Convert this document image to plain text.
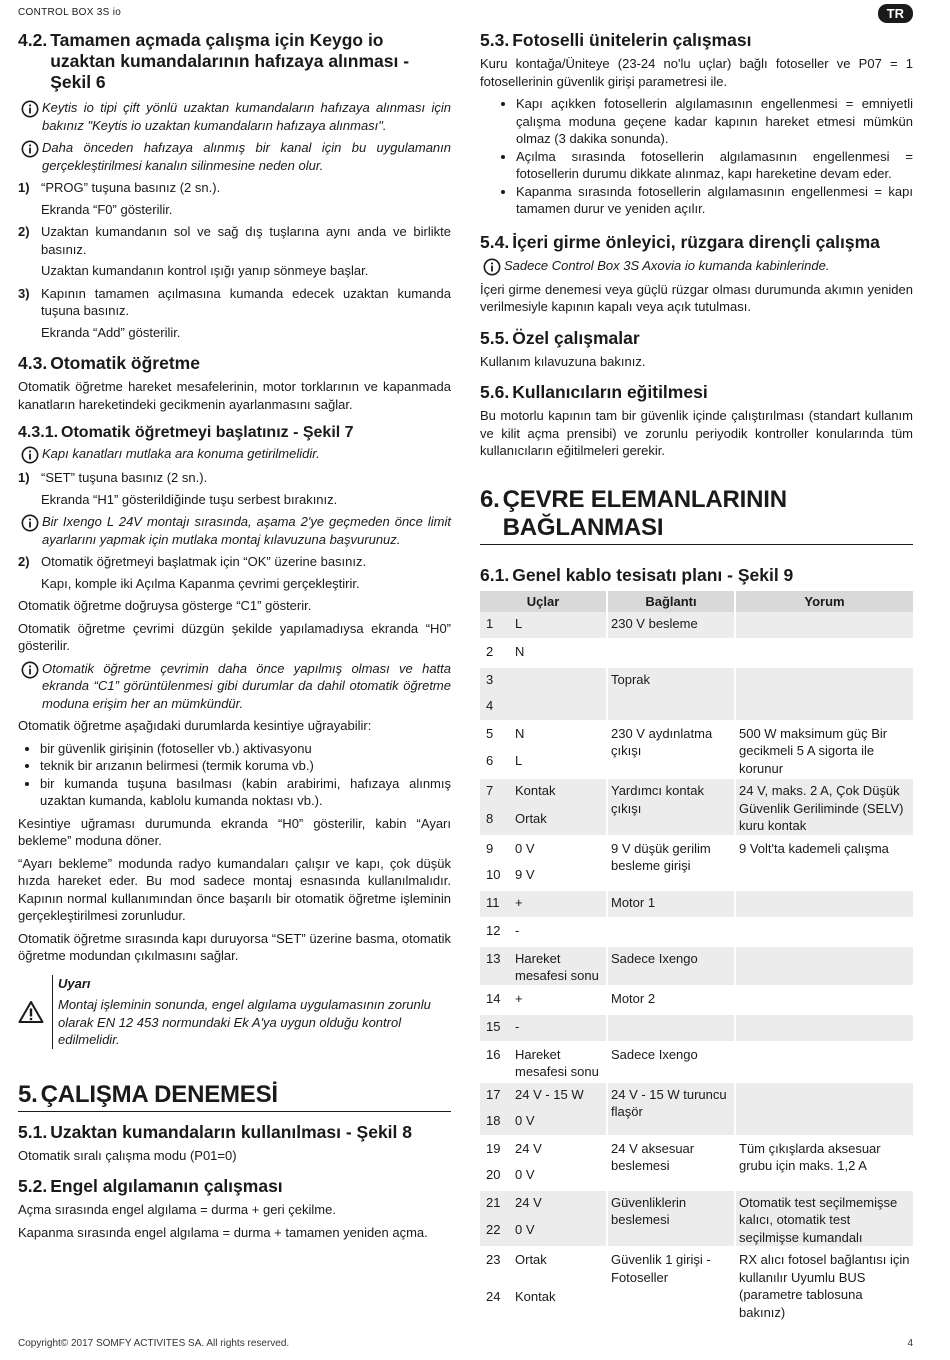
CONTROL BOX 3S io	TR
4.2. Tamamen açmada çalışma için Keygo io uzaktan kumandalarının hafızaya alınması - Şekil 6

Keytis io tipi çift yönlü uzaktan kumandaların hafızaya alınması için bakınız "Keytis io uzaktan kumandaların hafızaya alınması".

Daha önceden hafızaya alınmış bir kanal için bu uygulamanın gerçekleştirilmesi kanalın silinmesine neden olur.

1) “PROG” tuşuna basınız (2 sn.).

Ekranda “F0” gösterilir.

2) Uzaktan kumandanın sol ve sağ dış tuşlarına aynı anda ve birlikte basınız.

Uzaktan kumandanın kontrol ışığı yanıp sönmeye başlar.

3) Kapının tamamen açılmasına kumanda edecek uzaktan kumanda tuşuna basınız.

Ekranda “Add” gösterilir.

4.3. Otomatik öğretme

Otomatik öğretme hareket mesafelerinin, motor torklarının ve kapanmada kanatların hareketindeki gecikmenin ayarlanmasını sağlar.

4.3.1. Otomatik öğretmeyi başlatınız - Şekil 7

Kapı kanatları mutlaka ara konuma getirilmelidir.

1) “SET” tuşuna basınız (2 sn.).

Ekranda “H1” gösterildiğinde tuşu serbest bırakınız.

Bir Ixengo L 24V montajı sırasında, aşama 2'ye geçmeden önce limit ayarlarını yapmak için mutlaka montaj kılavuzuna başvurunuz.

2) Otomatik öğretmeyi başlatmak için “OK” üzerine basınız.

Kapı, komple iki Açılma Kapanma çevrimi gerçekleştirir.

Otomatik öğretme doğruysa gösterge “C1” gösterir.

Otomatik öğretme çevrimi düzgün şekilde yapılamadıysa ekranda “H0” gösterilir.

Otomatik öğretme çevrimin daha önce yapılmış olması ve hatta ekranda “C1” görüntülenmesi gibi durumlar da dahil otomatik öğretme moduna erişim her an mümkündür.

Otomatik öğretme aşağıdaki durumlarda kesintiye uğrayabilir:

• bir güvenlik girişinin (fotoseller vb.) aktivasyonu
• teknik bir arızanın belirmesi (termik koruma vb.)
• bir kumanda tuşuna basılması (kabin arabirimi, hafızaya alınmış uzaktan kumanda, kablolu kumanda noktası vb.).

Kesintiye uğraması durumunda ekranda “H0” gösterilir, kabin “Ayarı bekleme” moduna döner.

“Ayarı bekleme” modunda radyo kumandaları çalışır ve kapı, çok düşük hızda hareket eder. Bu mod sadece montaj esnasında kullanılmalıdır. Kapının normal kullanımından önce başarılı bir otomatik öğretme işleminin gerçekleştirilmesi zorunludur.

Otomatik öğretme sırasında kapı duruyorsa “SET” üzerine basma, otomatik öğretme modundan çıkılmasını sağlar.

Uyarı

Montaj işleminin sonunda, engel algılama uygulamasının zorunlu olarak EN 12 453 normundaki Ek A'ya uygun olduğu kontrol edilmelidir.

5. ÇALIŞMA DENEMESİ
5.1. Uzaktan kumandaların kullanılması - Şekil 8

Otomatik sıralı çalışma modu (P01=0)

5.2. Engel algılamanın çalışması

Açma sırasında engel algılama = durma + geri çekilme.

Kapanma sırasında engel algılama = durma + tamamen yeniden açma.

5.3. Fotoselli ünitelerin çalışması

Kuru kontağa/Üniteye (23-24 no'lu uçlar) bağlı fotoseller ve P07 = 1 fotosellerinin güvenlik girişi parametresi ile.

• Kapı açıkken fotosellerin algılamasının engellenmesi = emniyetli çalışma moduna geçene kadar kapının hareket etmesi mümkün olmaz (3 dakika sonunda).
• Açılma sırasında fotosellerin algılamasının engellenmesi = fotosellerin durumu dikkate alınmaz, kapı hareketine devam eder.
• Kapanma sırasında fotosellerin algılamasının engellenmesi = kapı tamamen durur ve yeniden açılır.
5.4. İçeri girme önleyici, rüzgara dirençli çalışma

Sadece Control Box 3S Axovia io kumanda kabinlerinde.

İçeri girme denemesi veya güçlü rüzgar olması durumunda akımın yeniden verilmesiyle kapının kapalı veya açık tutulması.

5.5. Özel çalışmalar

Kullanım kılavuzuna bakınız.

5.6. Kullanıcıların eğitilmesi

Bu motorlu kapının tam bir güvenlik içinde çalıştırılması (standart kullanım ve kilit açma prensibi) ve zorunlu periyodik kontroller konularında tüm kullanıcıların eğitilmeleri gerekir.

6. ÇEVRE ELEMANLARININ BAĞLANMASI
6.1. Genel kablo tesisatı planı - Şekil 9
Uçlar		Bağlantı	Yorum
1	L	230 V besleme	

2	N		

3		Toprak	
4			

5	N	230 V aydınlatma çıkışı	500 W maksimum güç Bir gecikmeli 5 A sigorta ile korunur
6	L		

7	Kontak	Yardımcı kontak çıkışı	24 V, maks. 2 A, Çok Düşük Güvenlik Geriliminde (SELV) kuru kontak
8	Ortak		

9	0 V	9 V düşük gerilim besleme girişi	9 Volt'ta kademeli çalışma
10	9 V		

11	+	Motor 1	

12	-		

13	Hareket mesafesi sonu	Sadece Ixengo	

14	+	Motor 2	

15	-		

16	Hareket mesafesi sonu	Sadece Ixengo	

17	24 V - 15 W	24 V - 15 W turuncu flaşör	
18	0 V		

19	24 V	24 V aksesuar beslemesi	Tüm çıkışlarda aksesuar grubu için maks. 1,2 A
20	0 V		

21	24 V	Güvenliklerin beslemesi	Otomatik test seçilmemişse kalıcı, otomatik test seçilmişse kumandalı
22	0 V		

23	Ortak	Güvenlik 1 girişi - Fotoseller	RX alıcı fotosel bağlantısı için kullanılır Uyumlu BUS (parametre tablosuna bakınız)
24	Kontak		
Copyright© 2017 SOMFY ACTIVITES SA. All rights reserved.	4
